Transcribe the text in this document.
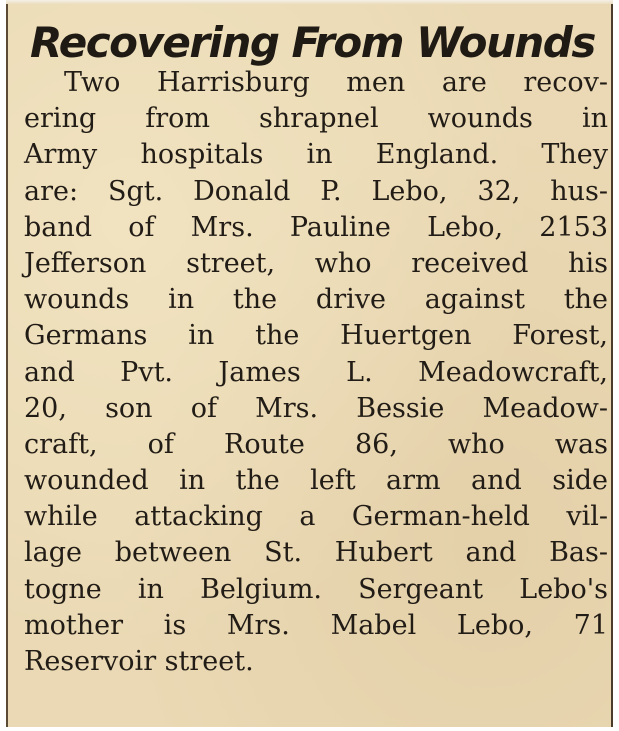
Recovering From Wounds
Two Harrisburg men are recov-
ering from shrapnel wounds in
Army hospitals in England. They
are: Sgt. Donald P. Lebo, 32, hus-
band of Mrs. Pauline Lebo, 2153
Jefferson street, who received his
wounds in the drive against the
Germans in the Huertgen Forest,
and Pvt. James L. Meadowcraft,
20, son of Mrs. Bessie Meadow-
craft, of Route 86, who was
wounded in the left arm and side
while attacking a German-held vil-
lage between St. Hubert and Bas-
togne in Belgium. Sergeant Lebo's
mother is Mrs. Mabel Lebo, 71
Reservoir street.
